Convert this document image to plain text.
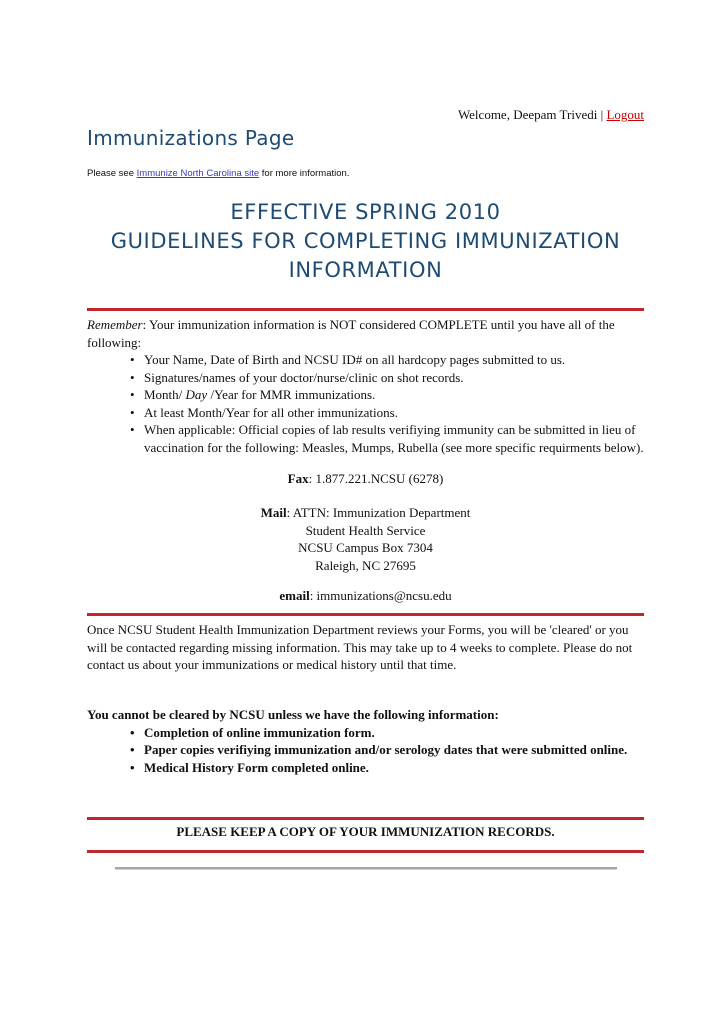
Welcome, Deepam Trivedi | Logout
Immunizations Page
Please see Immunize North Carolina site for more information.
EFFECTIVE SPRING 2010
GUIDELINES FOR COMPLETING IMMUNIZATION
INFORMATION
Remember: Your immunization information is NOT considered COMPLETE until you have all of the following:
• Your Name, Date of Birth and NCSU ID# on all hardcopy pages submitted to us.
• Signatures/names of your doctor/nurse/clinic on shot records.
• Month/ Day /Year for MMR immunizations.
• At least Month/Year for all other immunizations.
• When applicable: Official copies of lab results verifiying immunity can be submitted in lieu of vaccination for the following: Measles, Mumps, Rubella (see more specific requirments below).
Fax: 1.877.221.NCSU (6278)
Mail: ATTN: Immunization Department
Student Health Service
NCSU Campus Box 7304
Raleigh, NC 27695
email: immunizations@ncsu.edu
Once NCSU Student Health Immunization Department reviews your Forms, you will be 'cleared' or you will be contacted regarding missing information. This may take up to 4 weeks to complete. Please do not contact us about your immunizations or medical history until that time.
You cannot be cleared by NCSU unless we have the following information:
• Completion of online immunization form.
• Paper copies verifiying immunization and/or serology dates that were submitted online.
• Medical History Form completed online.
PLEASE KEEP A COPY OF YOUR IMMUNIZATION RECORDS.
